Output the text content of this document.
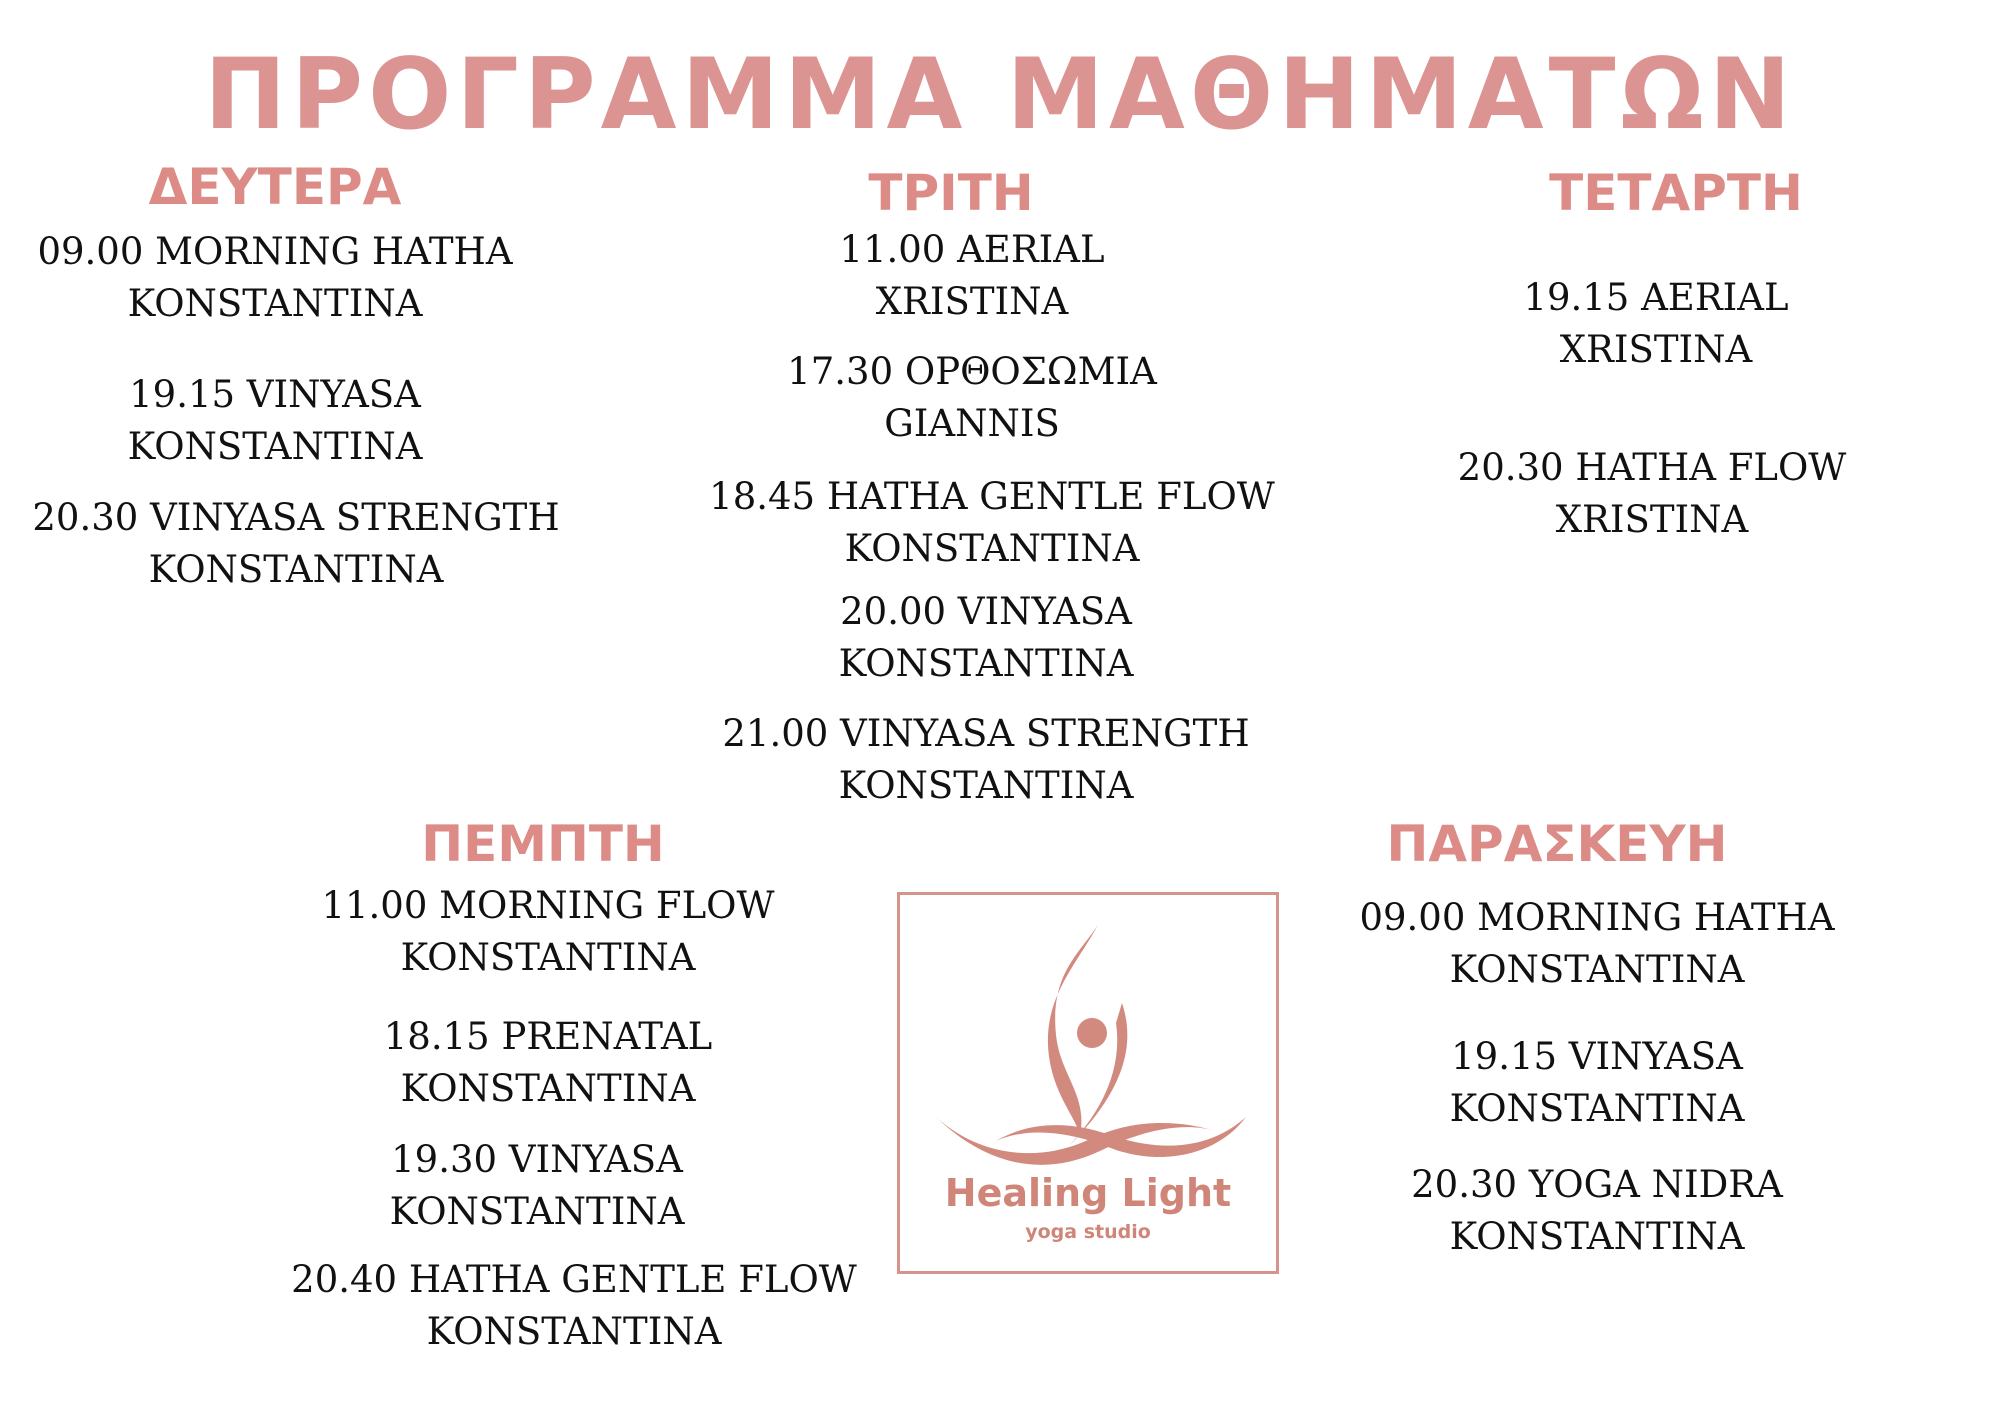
ΠΡΟΓΡΑΜΜΑ ΜΑΘΗΜΑΤΩΝ
ΔΕΥΤΕΡΑ
09.00 MORNING HATHA
KONSTANTINA
19.15 VINYASA
KONSTANTINA
20.30 VINYASA STRENGTH
KONSTANTINA
ΤΡΙΤΗ
11.00 AERIAL
XRISTINA
17.30 ΟΡΘΟΣΩΜΙΑ
GIANNIS
18.45 HATHA GENTLE FLOW
KONSTANTINA
20.00 VINYASA
KONSTANTINA
21.00 VINYASA STRENGTH
KONSTANTINA
ΤΕΤΑΡΤΗ
19.15 AERIAL
XRISTINA
20.30 HATHA FLOW
XRISTINA
ΠΕΜΠΤΗ
11.00 MORNING FLOW
KONSTANTINA
18.15 PRENATAL
KONSTANTINA
19.30 VINYASA
KONSTANTINA
20.40 HATHA GENTLE FLOW
KONSTANTINA
ΠΑΡΑΣΚΕΥΗ
09.00 MORNING HATHA
KONSTANTINA
19.15 VINYASA
KONSTANTINA
20.30 YOGA NIDRA
KONSTANTINA
Healing Light
yoga studio
